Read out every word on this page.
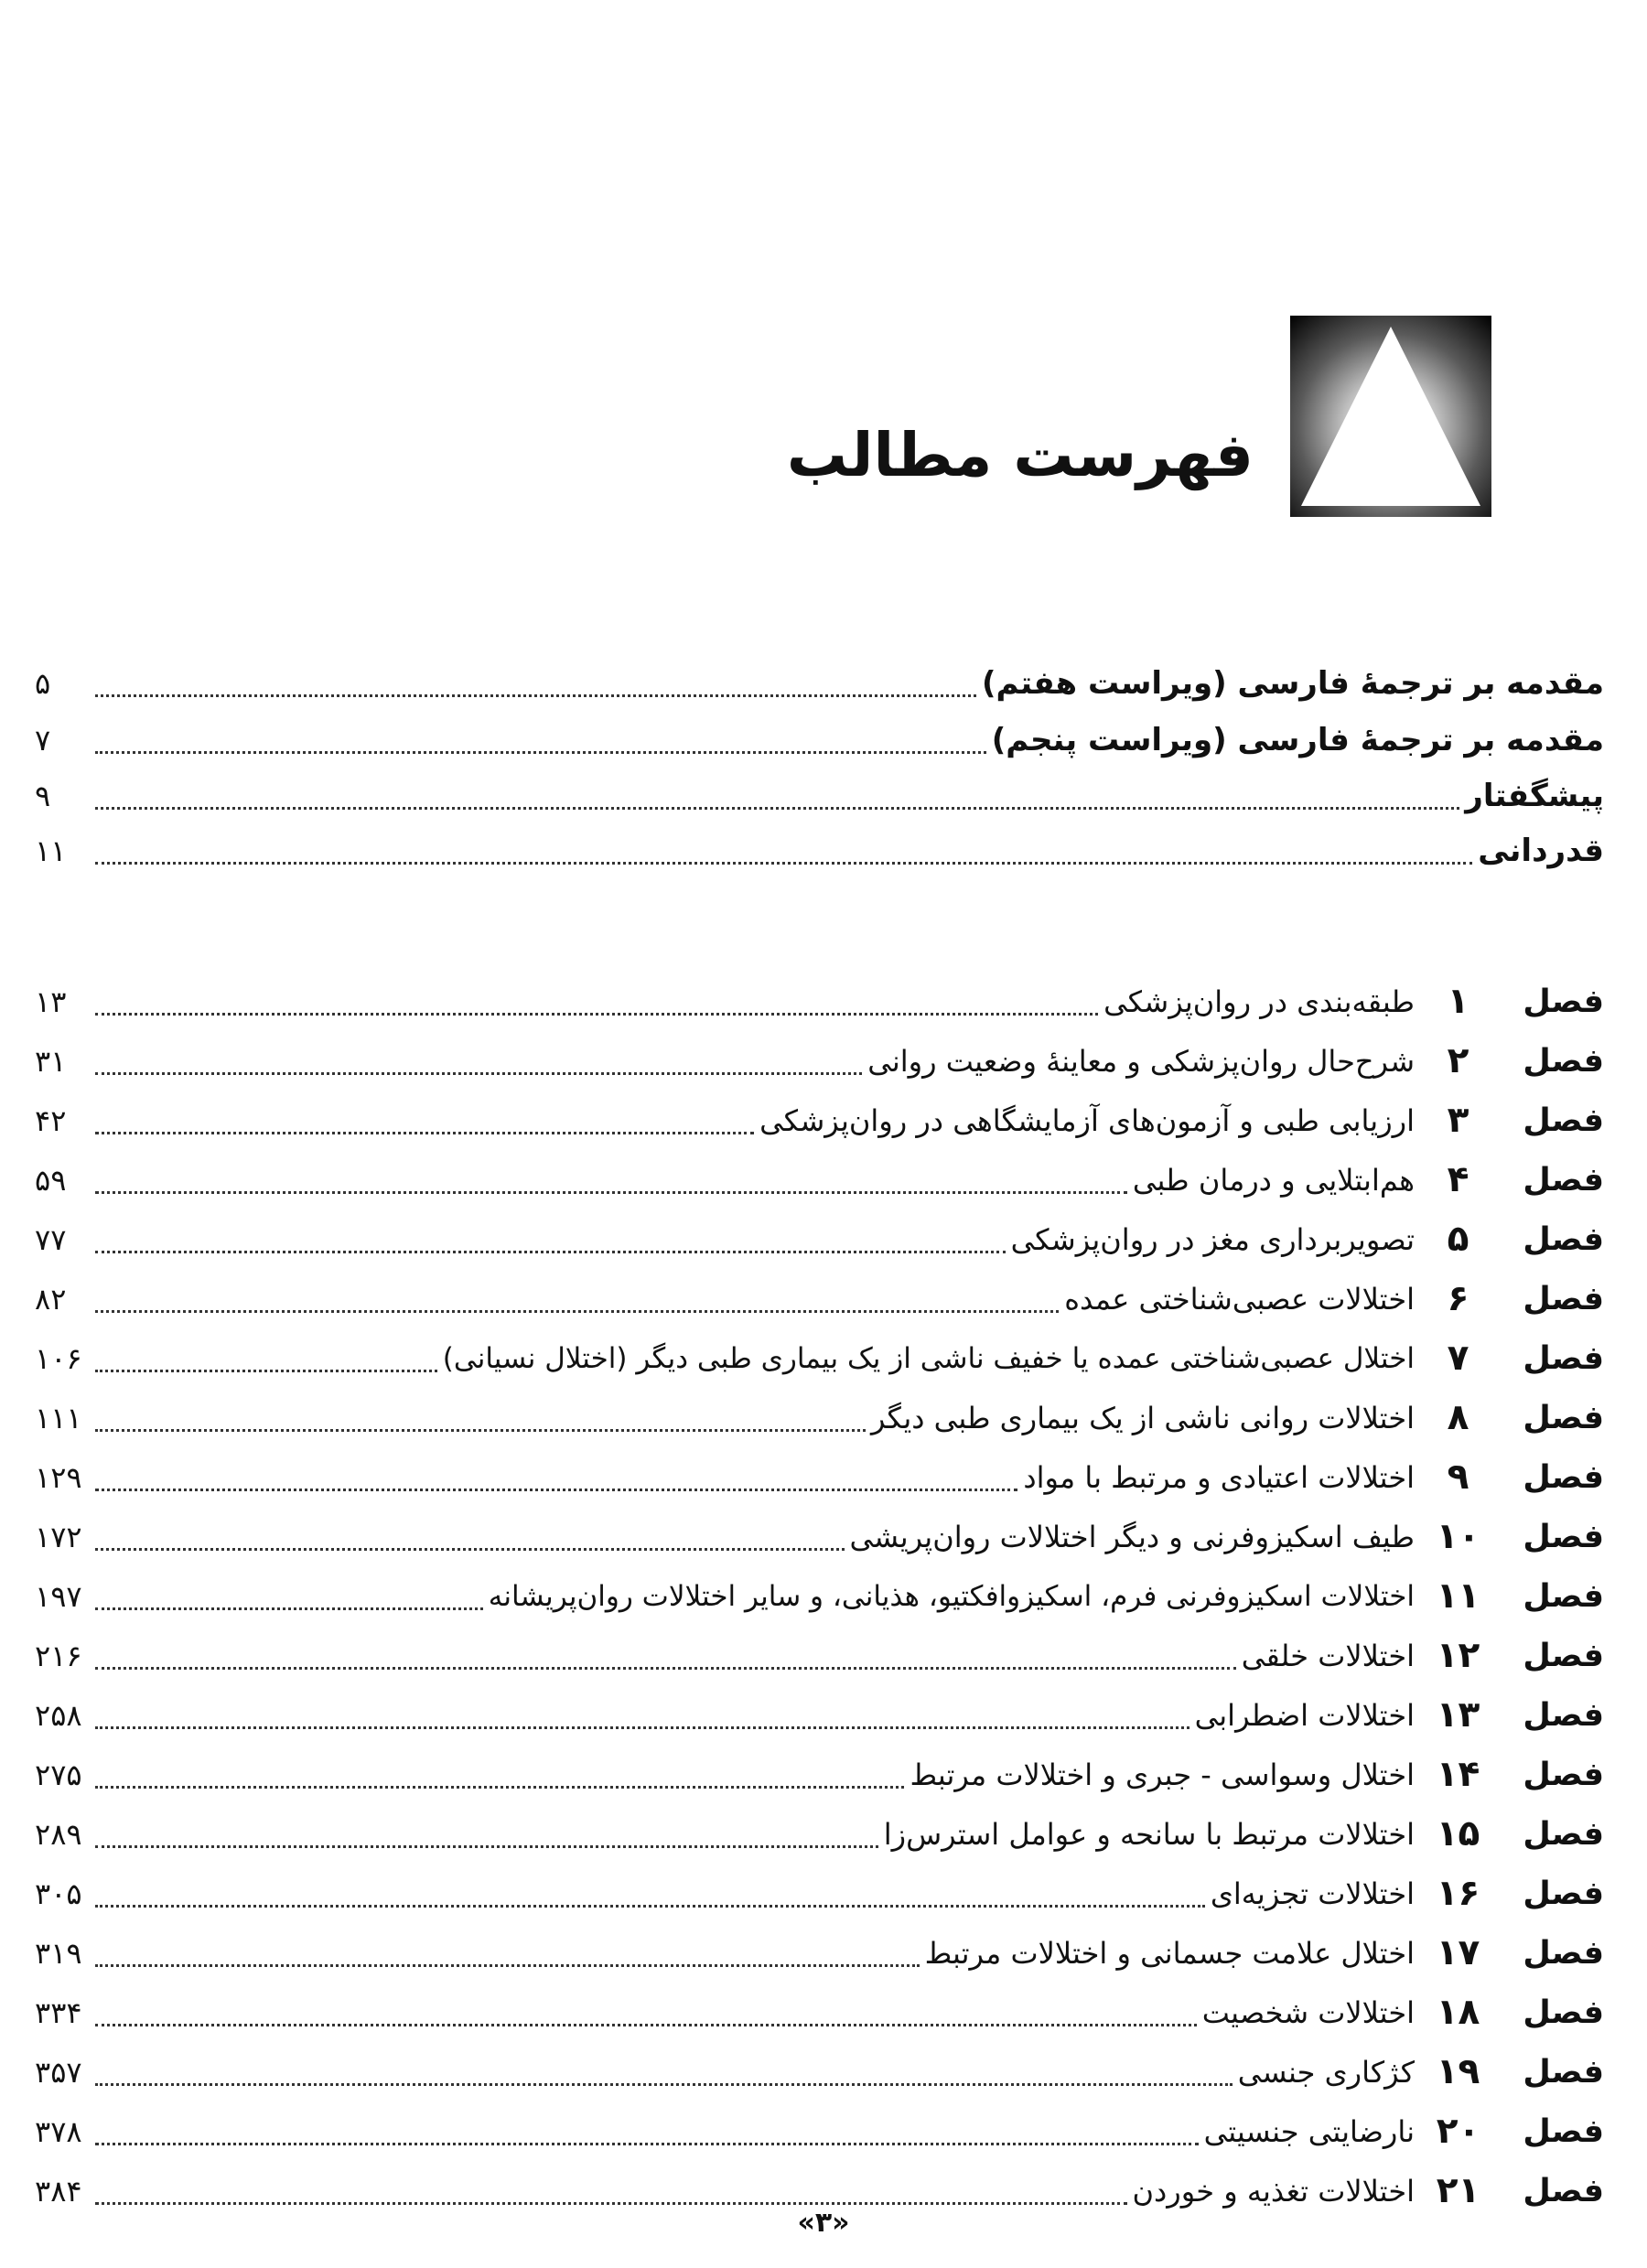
فهرست مطالب
مقدمه بر ترجمهٔ فارسی (ویراست هفتم)
۵
مقدمه بر ترجمهٔ فارسی (ویراست پنجم)
۷
پیشگفتار
۹
قدردانی
۱۱
فصل
۱
طبقه‌بندی در روان‌پزشکی
۱۳
فصل
۲
شرح‌حال روان‌پزشکی و معاینهٔ وضعیت روانی
۳۱
فصل
۳
ارزیابی طبی و آزمون‌های آزمایشگاهی در روان‌پزشکی
۴۲
فصل
۴
هم‌ابتلایی و درمان طبی
۵۹
فصل
۵
تصویربرداری مغز در روان‌پزشکی
۷۷
فصل
۶
اختلالات عصبی‌شناختی عمده
۸۲
فصل
۷
اختلال عصبی‌شناختی عمده یا خفیف ناشی از یک بیماری طبی دیگر (اختلال نسیانی)
۱۰۶
فصل
۸
اختلالات روانی ناشی از یک بیماری طبی دیگر
۱۱۱
فصل
۹
اختلالات اعتیادی و مرتبط با مواد
۱۲۹
فصل
۱۰
طیف اسکیزوفرنی و دیگر اختلالات روان‌پریشی
۱۷۲
فصل
۱۱
اختلالات اسکیزوفرنی فرم، اسکیزوافکتیو، هذیانی، و سایر اختلالات روان‌پریشانه
۱۹۷
فصل
۱۲
اختلالات خلقی
۲۱۶
فصل
۱۳
اختلالات اضطرابی
۲۵۸
فصل
۱۴
اختلال وسواسی - جبری و اختلالات مرتبط
۲۷۵
فصل
۱۵
اختلالات مرتبط با سانحه و عوامل استرس‌زا
۲۸۹
فصل
۱۶
اختلالات تجزیه‌ای
۳۰۵
فصل
۱۷
اختلال علامت جسمانی و اختلالات مرتبط
۳۱۹
فصل
۱۸
اختلالات شخصیت
۳۳۴
فصل
۱۹
کژکاری جنسی
۳۵۷
فصل
۲۰
نارضایتی جنسیتی
۳۷۸
فصل
۲۱
اختلالات تغذیه و خوردن
۳۸۴
«۳»
